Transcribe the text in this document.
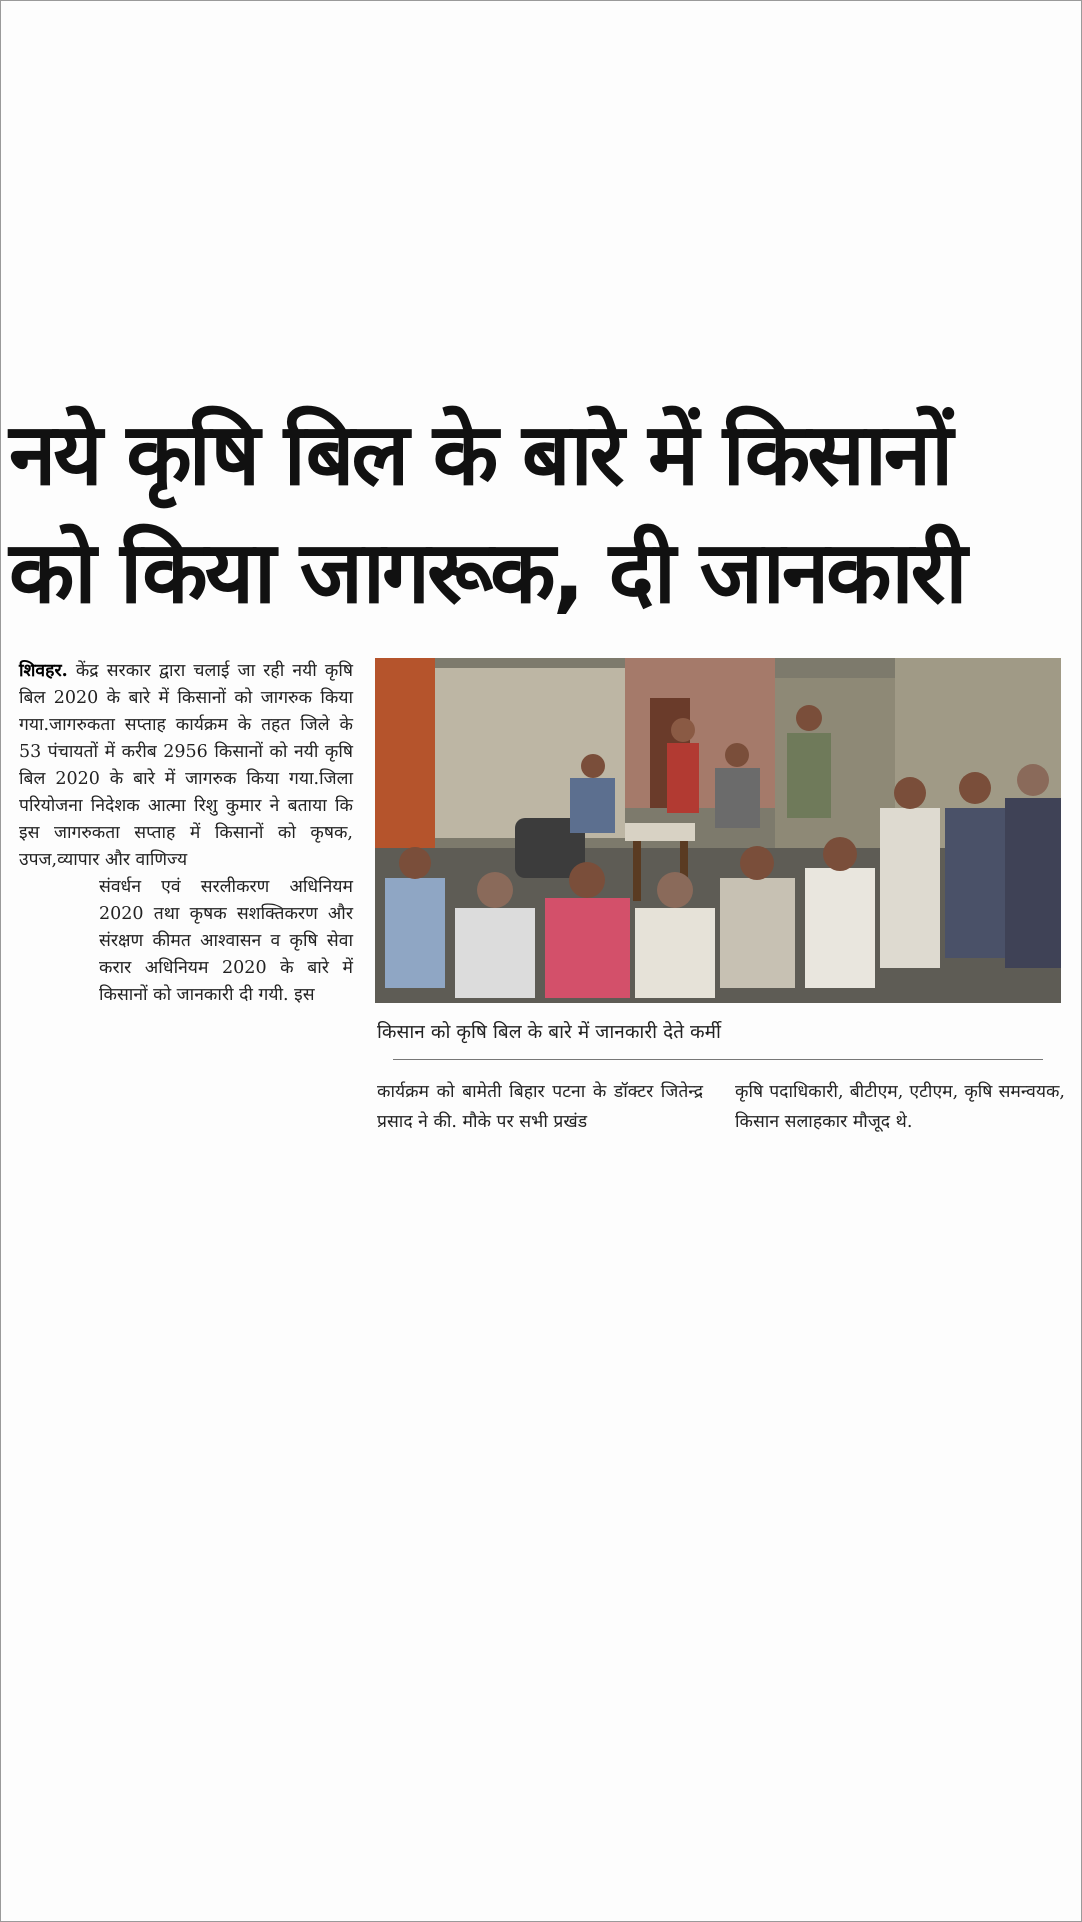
नये कृषि बिल के बारे में किसानों
को किया जागरूक, दी जानकारी
शिवहर. केंद्र सरकार द्वारा चलाई जा रही नयी कृषि बिल 2020 के बारे में किसानों को जागरुक किया गया.जागरुकता सप्ताह कार्यक्रम के तहत जिले के 53 पंचायतों में करीब 2956 किसानों को नयी कृषि बिल 2020 के बारे में जागरुक किया गया.जिला परियोजना निदेशक आत्मा रिशु कुमार ने बताया कि इस जागरुकता सप्ताह में किसानों को कृषक, उपज,व्यापार और वाणिज्य
संवर्धन एवं सरलीकरण अधिनियम 2020 तथा कृषक सशक्तिकरण और संरक्षण कीमत आश्वासन व कृषि सेवा करार अधिनियम 2020 के बारे में किसानों को जानकारी दी गयी. इस
किसान को कृषि बिल के बारे में जानकारी देते कर्मी
कार्यक्रम को बामेती बिहार पटना के डॉक्टर जितेन्द्र प्रसाद ने की. मौके पर सभी प्रखंड
कृषि पदाधिकारी, बीटीएम, एटीएम, कृषि समन्वयक, किसान सलाहकार मौजूद थे.
